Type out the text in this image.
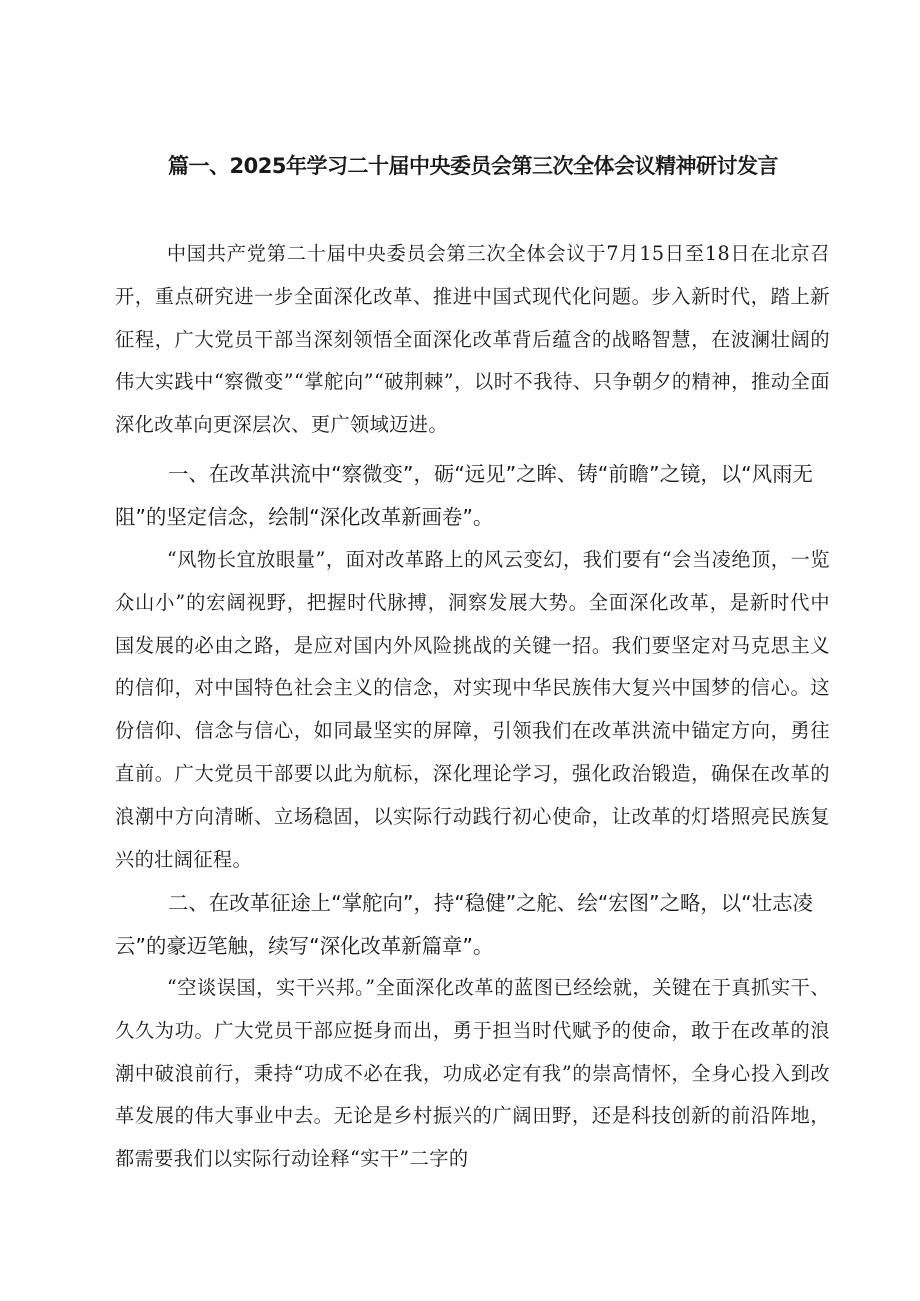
篇一、2025年学习二十届中央委员会第三次全体会议精神研讨发言

中国共产党第二十届中央委员会第三次全体会议于7月15日至18日在北京召开，重点研究进一步全面深化改革、推进中国式现代化问题。步入新时代，踏上新征程，广大党员干部当深刻领悟全面深化改革背后蕴含的战略智慧，在波澜壮阔的伟大实践中“察微变”“掌舵向”“破荆棘”，以时不我待、只争朝夕的精神，推动全面深化改革向更深层次、更广领域迈进。

一、在改革洪流中“察微变”，砺“远见”之眸、铸“前瞻”之镜，以“风雨无阻”的坚定信念，绘制“深化改革新画卷”。

“风物长宜放眼量”，面对改革路上的风云变幻，我们要有“会当凌绝顶，一览众山小”的宏阔视野，把握时代脉搏，洞察发展大势。全面深化改革，是新时代中国发展的必由之路，是应对国内外风险挑战的关键一招。我们要坚定对马克思主义的信仰，对中国特色社会主义的信念，对实现中华民族伟大复兴中国梦的信心。这份信仰、信念与信心，如同最坚实的屏障，引领我们在改革洪流中锚定方向，勇往直前。广大党员干部要以此为航标，深化理论学习，强化政治锻造，确保在改革的浪潮中方向清晰、立场稳固，以实际行动践行初心使命，让改革的灯塔照亮民族复兴的壮阔征程。

二、在改革征途上“掌舵向”，持“稳健”之舵、绘“宏图”之略，以“壮志凌云”的豪迈笔触，续写“深化改革新篇章”。

“空谈误国，实干兴邦。”全面深化改革的蓝图已经绘就，关键在于真抓实干、久久为功。广大党员干部应挺身而出，勇于担当时代赋予的使命，敢于在改革的浪潮中破浪前行，秉持“功成不必在我，功成必定有我”的崇高情怀，全身心投入到改革发展的伟大事业中去。无论是乡村振兴的广阔田野，还是科技创新的前沿阵地，都需要我们以实际行动诠释“实干”二字的
